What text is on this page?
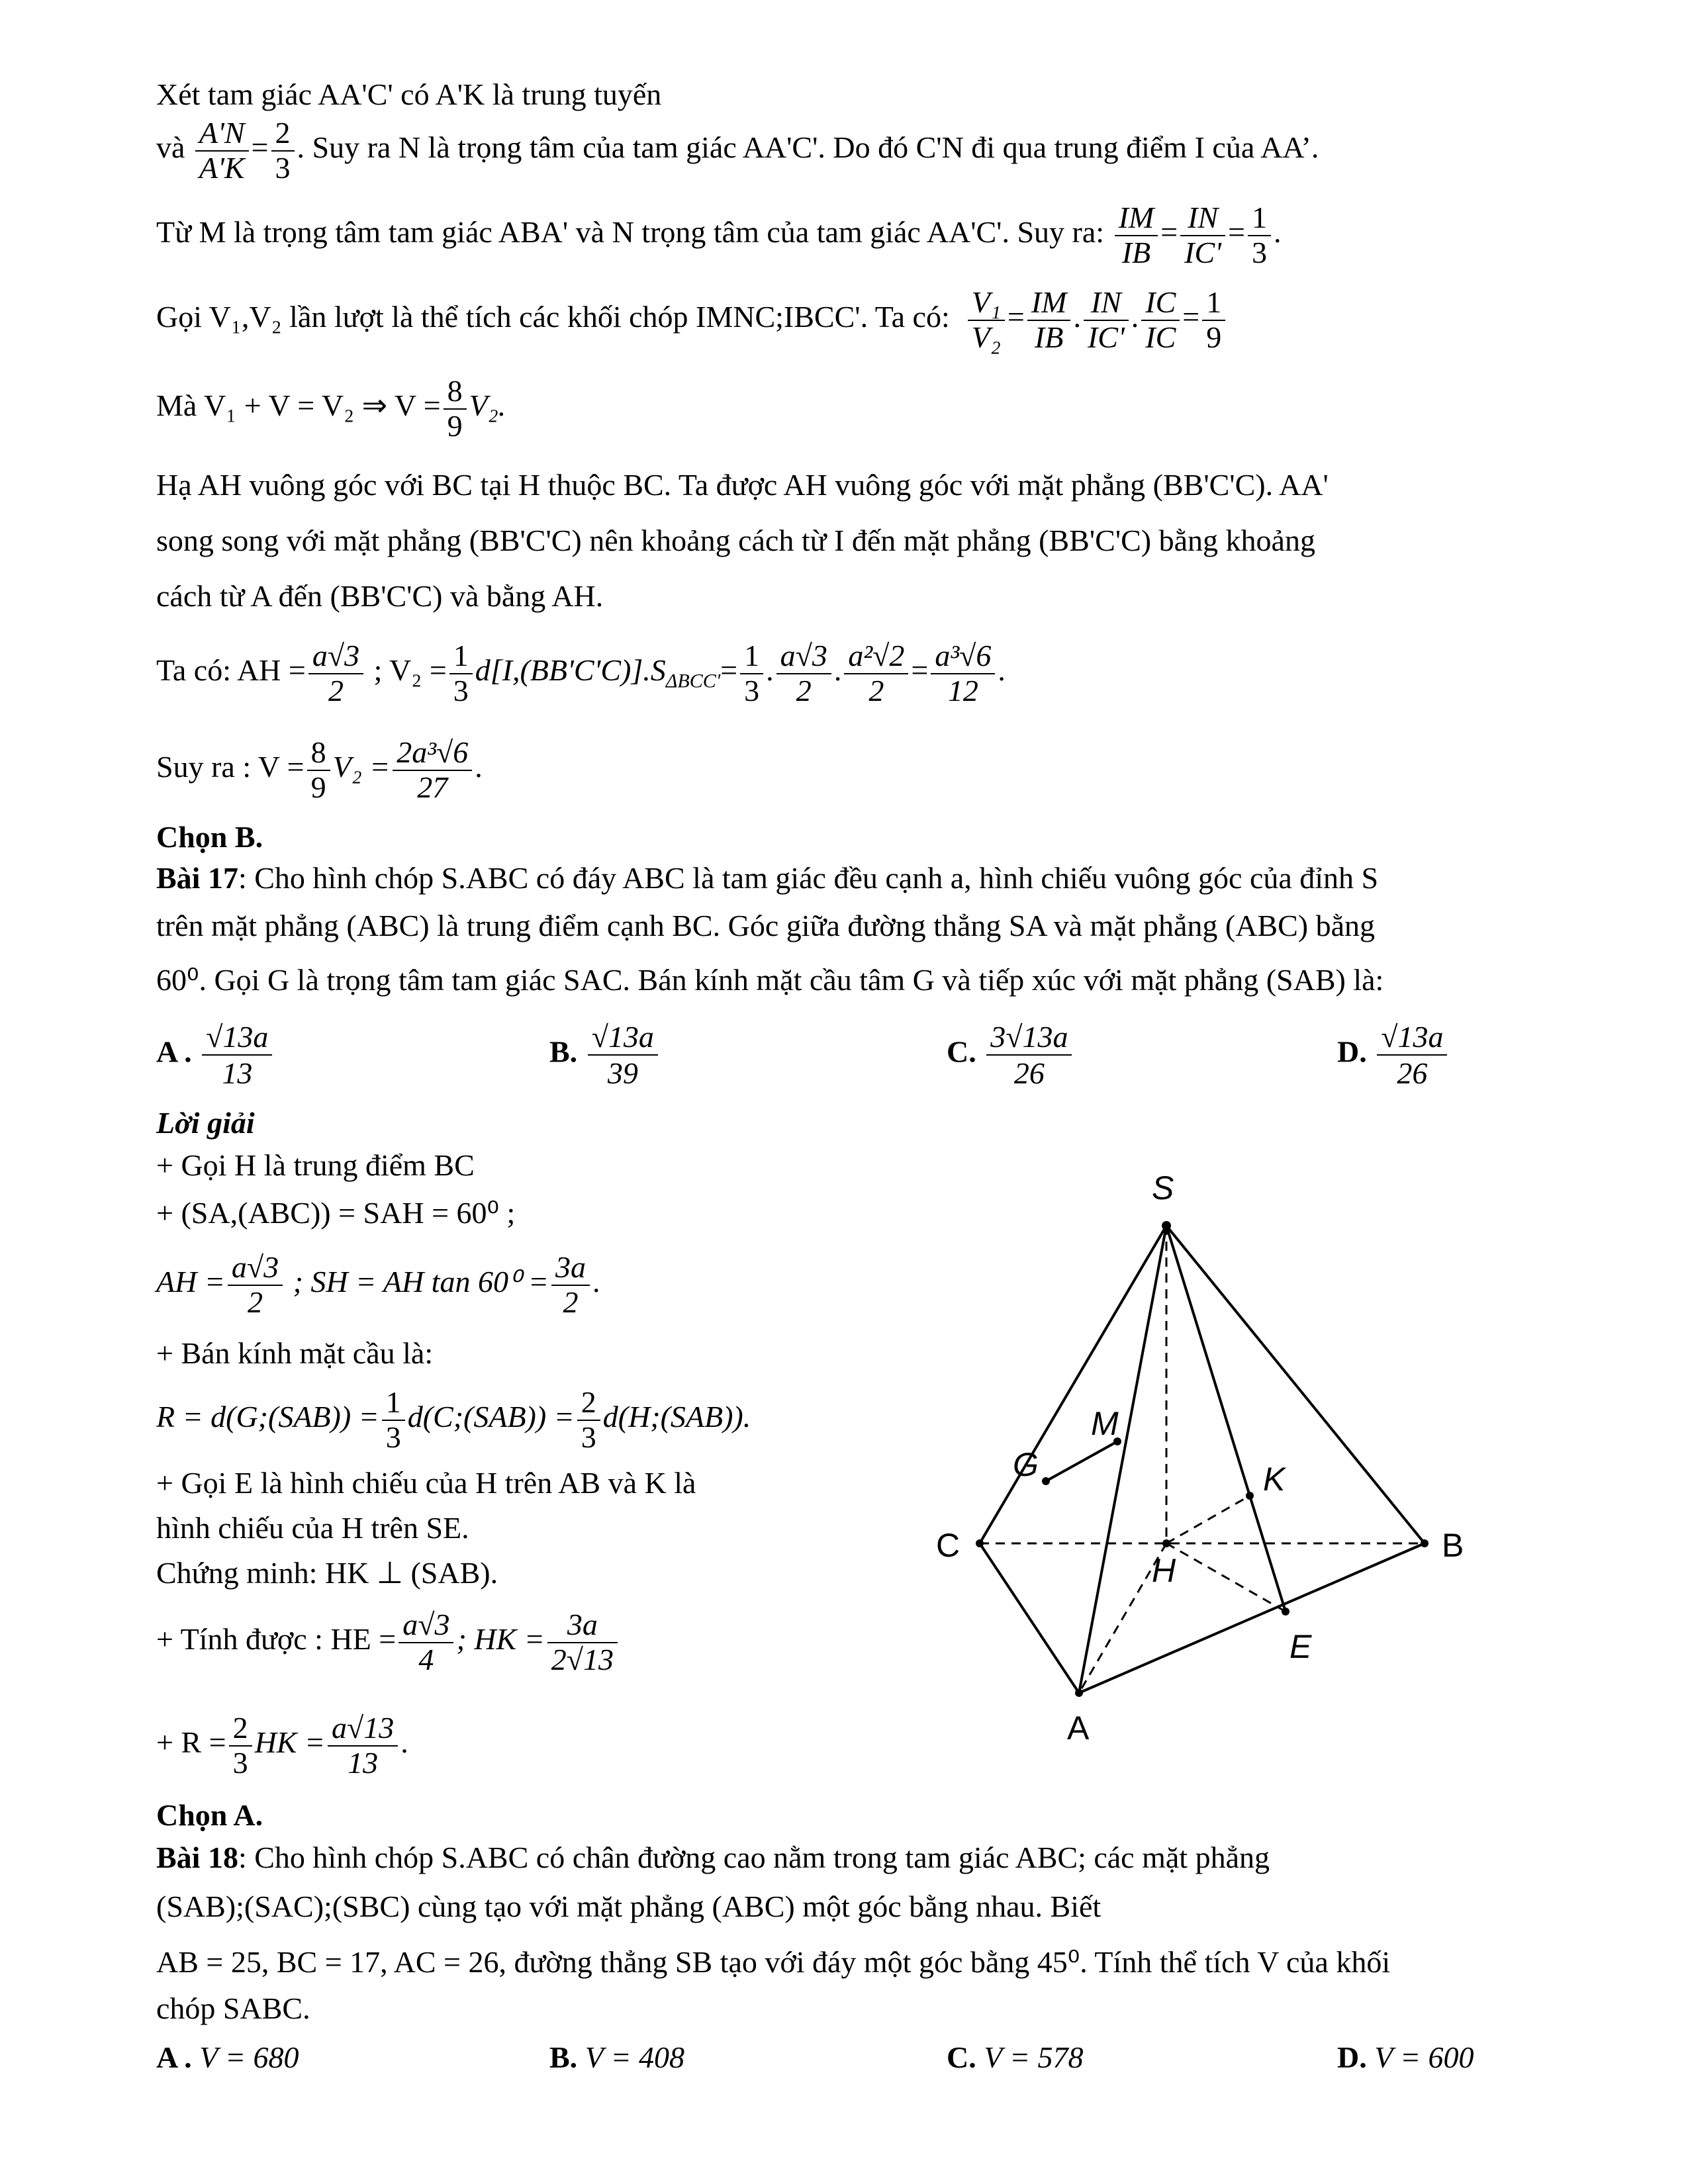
Xét tam giác AA'C' có A'K là trung tuyến
và $\frac{A'N}{A'K} = \frac{2}{3}$ . Suy ra N là trọng tâm của tam giác AA'C'. Do đó C'N đi qua trung điểm I của AA’.
Từ M là trọng tâm tam giác ABA' và N trọng tâm của tam giác AA'C'. Suy ra: $\frac{IM}{IB} = \frac{IN}{IC'} = \frac{1}{3}$ .
Gọi V₁,V₂ lần lượt là thể tích các khối chóp IMNC;IBCC'. Ta có: $\frac{\text{V₁}}{\text{V₂}} = \frac{IM}{IB}$ . $\frac{IN}{IC'}$ . $\frac{IC}{IC} = \frac{1}{9}$
Mà V₁ + V = V₂ ⇒ $V = \frac{8}{9} V_2$.
Hạ AH vuông góc với BC tại H thuộc BC. Ta được AH vuông góc với mặt phẳng (BB'C'C). AA'
song song với mặt phẳng (BB'C'C) nên khoảng cách từ I đến mặt phẳng (BB'C'C) bằng khoảng
cách từ A đến (BB'C'C) và bằng AH.
Ta có: AH = $\frac{a√3}{2}$ ; $V_2 = \frac{1}{3} d[I,(BB'C'C)].S_{\Delta BCC'}= \frac{1}{3}$ . $\frac{a√3}{2}$ . $\frac{\text{a²√2}}{2} = \frac{\text{a³√6}}{12}$ .
Suy ra : $V = \frac{8}{9} V_2 = \frac{\text{2a³√6}}{27}$ .
Chọn B.
Bài 17: Cho hình chóp S.ABC có đáy ABC là tam giác đều cạnh a, hình chiếu vuông góc của đỉnh S
trên mặt phẳng (ABC) là trung điểm cạnh BC. Góc giữa đường thẳng SA và mặt phẳng (ABC) bằng
60⁰. Gọi G là trọng tâm tam giác SAC. Bán kính mặt cầu tâm G và tiếp xúc với mặt phẳng (SAB) là:
A . $\frac{√13a}{13}$	B. $\frac{√13a}{39}$	C. $\frac{3√13a}{26}$	D. $\frac{√13a}{26}$
Lời giải
+ Gọi H là trung điểm BC
+ (SA,(ABC)) = SAH = 60⁰ ;
AH = $\frac{a√3}{2}$ ; SH = AH $\tan 60^0 = \frac{3a}{2}$ .
+ Bán kính mặt cầu là:
R = d(G;(SAB)) = $\frac{1}{3}$ d(C;(SAB)) = $\frac{2}{3}$ d(H;(SAB)).
+ Gọi E là hình chiếu của H trên AB và K là
hình chiếu của H trên SE.
Chứng minh: HK ⊥ (SAB).
+ Tính được : HE = $\frac{a√3}{4}$ ; HK = $\frac{3a}{2√13}$
+ $R = \frac{2}{3}$ HK = $\frac{a√13}{13}$ .
Chọn A.
S
M
G	K
C
H
B
E
A
Bài 18: Cho hình chóp S.ABC có chân đường cao nằm trong tam giác ABC; các mặt phẳng
(SAB);(SAC);(SBC) cùng tạo với mặt phẳng (ABC) một góc bằng nhau. Biết
AB = 25, BC = 17, AC = 26, đường thẳng SB tạo với đáy một góc bằng 45⁰. Tính thể tích V của khối
chóp SABC.
A . V = 680	B. V = 408	C. V = 578	D. V = 600
